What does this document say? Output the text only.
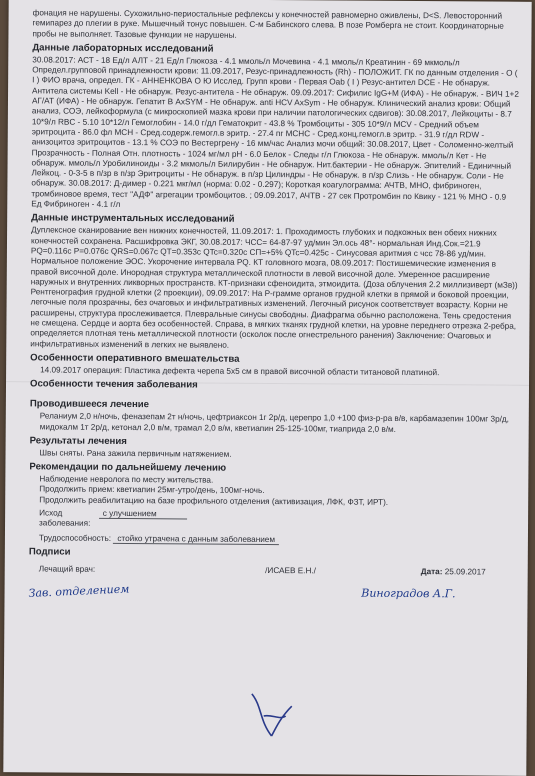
фонация не нарушены. Сухожильно-периостальные рефлексы у конечностей равномерно оживлены, D<S. Левосторонний гемипарез до плегии в руке. Мышечный тонус повышен. С-м Бабинского слева. В позе Ромберга не стоит. Координаторные пробы не выполняет. Тазовые функции не нарушены.

Данные лабораторных исследований

30.08.2017: АСТ - 18 Ед/л АЛТ - 21 Ед/л Глюкоза - 4.1 ммоль/л Мочевина - 4.1 ммоль/л Креатинин - 69 мкмоль/л Определ.групповой принадлежности крови: 11.09.2017, Резус-принадлежность (Rh) - ПОЛОЖИТ. ГК по данным отделения - О ( I ) ФИО врача, определ. ГК - АННЕНКОВА О Ю Исслед. Групп крови - Первая Oab ( I ) Резус-антител DCE - Не обнаруж. Антитела системы Kell - Не обнаруж. Резус-антитела - Не обнаруж. 09.09.2017: Сифилис IgG+M (ИФА) - Не обнаруж. - ВИЧ 1+2 АГ/АТ (ИФА) - Не обнаруж. Гепатит В AxSYM - Не обнаруж. anti HCV AxSym - Не обнаруж. Клинический анализ крови: Общий анализ, СОЭ, лейкоформула (с микроскопией мазка крови при наличии патологических сдвигов): 30.08.2017, Лейкоциты - 8.7 10*9/л RBC - 5.10 10*12/л Гемоглобин - 14.0 г/дл Гематокрит - 43.8 % Тромбоциты - 305 10*9/л MCV - Средний объем эритроцита - 86.0 фл МСН - Сред.содерж.гемогл.в эритр. - 27.4 пг МСНС - Сред.конц.гемогл.в эритр. - 31.9 г/дл RDW - анизоцитоз эритроцитов - 13.1 % СОЭ по Вестергрену - 16 мм/час Анализ мочи общий: 30.08.2017, Цвет - Соломенно-желтый Прозрачность - Полная Отн. плотность - 1024 мг/мл рН - 6.0 Белок - Следы г/л Глюкоза - Не обнаруж. ммоль/л Кет - Не обнаруж. ммоль/л Уробилиноиды - 3.2 мкмоль/л Билирубин - Не обнаруж. Нит.бактерии - Не обнаруж. Эпителий - Единичный Лейкоц. - 0-3-5 в п/зр в п/зр Эритроциты - Не обнаруж. в п/зр Цилиндры - Не обнаруж. в п/зр Слизь - Не обнаруж. Соли - Не обнаруж. 30.08.2017: Д-димер - 0.221 мкг/мл (норма: 0.02 - 0.297); Короткая коагулограмма: АЧТВ, МНО, фибриноген, тромбиновое время, тест "АДФ" агрегации тромбоцитов. ; 09.09.2017, АЧТВ - 27 сек Протромбин по Квику - 121 % МНО - 0.9 Ед Фибриноген - 4.1 г/л

Данные инструментальных исследований

Дуплексное сканирование вен нижних конечностей, 11.09.2017: 1. Проходимость глубоких и подкожных вен обеих нижних конечностей сохранена. Расшифровка ЭКГ, 30.08.2017: ЧСС= 64-87-97 уд/мин Эл.ось 48°- нормальная Инд.Сок.=21.9 PQ=0.116с P=0.076с QRS=0.067с QT=0.353с QTc=0.320с СП=+5% QTc=0.425с - Синусовая аритмия с чсс 78-86 уд/мин. Нормальное положение ЭОС. Укорочение интервала PQ. КТ головного мозга, 08.09.2017: Постишемические изменения в правой височной доле. Инородная структура металлической плотности в левой височной доле. Умеренное расширение наружных и внутренних ликворных пространств. КТ-признаки сфеноидита, этмоидита. (Доза облучения 2.2 миллизиверт (мЗв)) Рентгенография грудной клетки (2 проекции), 09.09.2017: На Р-грамме органов грудной клетки в прямой и боковой проекции, легочные поля прозрачны, без очаговых и инфильтративных изменений. Легочный рисунок соответствует возрасту. Корни не расширены, структура прослеживается. Плевральные синусы свободны. Диафрагма обычно расположена. Тень средостения не смещена. Сердце и аорта без особенностей. Справа, в мягких тканях грудной клетки, на уровне переднего отрезка 2-ребра, определяется плотная тень металлической плотности (осколок после огнестрельного ранения) Заключение: Очаговых и инфильтративных изменений в легких не выявлено.

Особенности оперативного вмешательства

14.09.2017 операция: Пластика дефекта черепа 5х5 см в правой височной области титановой платиной.

Особенности течения заболевания
Проводившееся лечение

Реланиум 2,0 н/ночь, феназепам 2т н/ночь, цефтриаксон 1г 2р/д, церепро 1,0 +100 физ-р-ра в/в, карбамазепин 100мг 3р/д, мидокалм 1т 2р/д, кетонал 2,0 в/м, трамал 2,0 в/м, кветиапин 25-125-100мг, тиаприда 2,0 в/м.

Результаты лечения

Швы сняты. Рана зажила первичным натяжением.

Рекомендации по дальнейшему лечению

Наблюдение невролога по месту жительства.

Продолжить прием: кветиапин 25мг-утро/день, 100мг-ночь.

Продолжить реабилитацию на базе профильного отделения (активизация, ЛФК, ФЗТ, ИРТ).

Исход	с улучшением
заболевания:
Трудоспособность: стойко утрачена с данным заболеванием
Подписи
Лечащий врач:	/ИСАЕВ Е.Н./	Дата: 25.09.2017
Зав. отделением	Виноградов А.Г.
